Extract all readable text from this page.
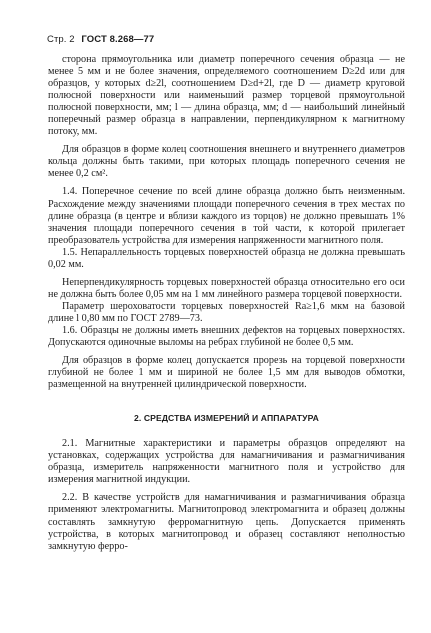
Стр. 2 ГОСТ 8.268—77

сторона прямоугольника или диаметр поперечного сечения образца — не менее 5 мм и не более значения, определяемого соотношением D≥2d или для образцов, у которых d≥2l, соотношением D≥d+2l, где D — диаметр круговой полюсной поверхности или наименьший размер торцевой прямоугольной полюсной поверхности, мм; l — длина образца, мм; d — наибольший линейный поперечный размер образца в направлении, перпендикулярном к магнитному потоку, мм.

Для образцов в форме колец соотношения внешнего и внутреннего диаметров кольца должны быть такими, при которых площадь поперечного сечения не менее 0,2 см².

1.4. Поперечное сечение по всей длине образца должно быть неизменным. Расхождение между значениями площади поперечного сечения в трех местах по длине образца (в центре и вблизи каждого из торцов) не должно превышать 1% значения площади поперечного сечения в той части, к которой прилегает преобразователь устройства для измерения напряженности магнитного поля.

1.5. Непараллельность торцевых поверхностей образца не должна превышать 0,02 мм.

Неперпендикулярность торцевых поверхностей образца относительно его оси не должна быть более 0,05 мм на 1 мм линейного размера торцевой поверхности.

Параметр шероховатости торцевых поверхностей Ra≥1,6 мкм на базовой длине l 0,80 мм по ГОСТ 2789—73.

1.6. Образцы не должны иметь внешних дефектов на торцевых поверхностях. Допускаются одиночные выломы на ребрах глубиной не более 0,5 мм.

Для образцов в форме колец допускается прорезь на торцевой поверхности глубиной не более 1 мм и шириной не более 1,5 мм для выводов обмотки, размещенной на внутренней цилиндрической поверхности.

2. СРЕДСТВА ИЗМЕРЕНИЙ И АППАРАТУРА

2.1. Магнитные характеристики и параметры образцов определяют на установках, содержащих устройства для намагничивания и размагничивания образца, измеритель напряженности магнитного поля и устройство для измерения магнитной индукции.

2.2. В качестве устройств для намагничивания и размагничивания образца применяют электромагниты. Магнитопровод электромагнита и образец должны составлять замкнутую ферромагнитную цепь. Допускается применять устройства, в которых магнитопровод и образец составляют неполностью замкнутую ферро-
